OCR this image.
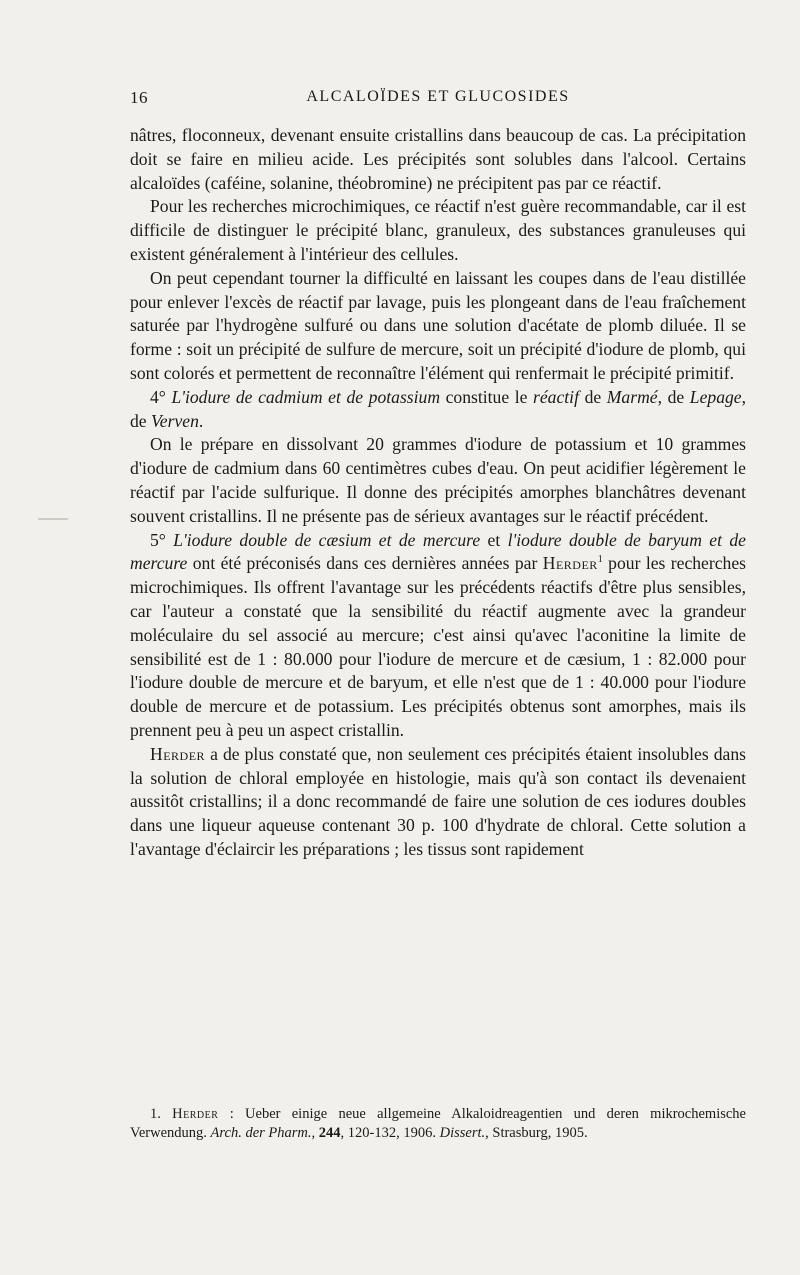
16	ALCALOÏDES ET GLUCOSIDES

nâtres, floconneux, devenant ensuite cristallins dans beaucoup de cas. La précipitation doit se faire en milieu acide. Les précipités sont solubles dans l'alcool. Certains alcaloïdes (caféine, solanine, théobromine) ne précipitent pas par ce réactif.

Pour les recherches microchimiques, ce réactif n'est guère recommandable, car il est difficile de distinguer le précipité blanc, granuleux, des substances granuleuses qui existent généralement à l'intérieur des cellules.

On peut cependant tourner la difficulté en laissant les coupes dans de l'eau distillée pour enlever l'excès de réactif par lavage, puis les plongeant dans de l'eau fraîchement saturée par l'hydrogène sulfuré ou dans une solution d'acétate de plomb diluée. Il se forme : soit un précipité de sulfure de mercure, soit un précipité d'iodure de plomb, qui sont colorés et permettent de reconnaître l'élément qui renfermait le précipité primitif.

4° L'iodure de cadmium et de potassium constitue le réactif de Marmé, de Lepage, de Verven.

On le prépare en dissolvant 20 grammes d'iodure de potassium et 10 grammes d'iodure de cadmium dans 60 centimètres cubes d'eau. On peut acidifier légèrement le réactif par l'acide sulfurique. Il donne des précipités amorphes blanchâtres devenant souvent cristallins. Il ne présente pas de sérieux avantages sur le réactif précédent.

5° L'iodure double de cæsium et de mercure et l'iodure double de baryum et de mercure ont été préconisés dans ces dernières années par Herder$^1$ pour les recherches microchimiques. Ils offrent l'avantage sur les précédents réactifs d'être plus sensibles, car l'auteur a constaté que la sensibilité du réactif augmente avec la grandeur moléculaire du sel associé au mercure; c'est ainsi qu'avec l'aconitine la limite de sensibilité est de 1 : 80.000 pour l'iodure de mercure et de cæsium, 1 : 82.000 pour l'iodure double de mercure et de baryum, et elle n'est que de 1 : 40.000 pour l'iodure double de mercure et de potassium. Les précipités obtenus sont amorphes, mais ils prennent peu à peu un aspect cristallin.

Herder a de plus constaté que, non seulement ces précipités étaient insolubles dans la solution de chloral employée en histologie, mais qu'à son contact ils devenaient aussitôt cristallins; il a donc recommandé de faire une solution de ces iodures doubles dans une liqueur aqueuse contenant 30 p. 100 d'hydrate de chloral. Cette solution a l'avantage d'éclaircir les préparations ; les tissus sont rapidement

1. Herder : Ueber einige neue allgemeine Alkaloidreagentien und deren mikrochemische Verwendung. Arch. der Pharm., 244, 120-132, 1906. Dissert., Strasburg, 1905.
